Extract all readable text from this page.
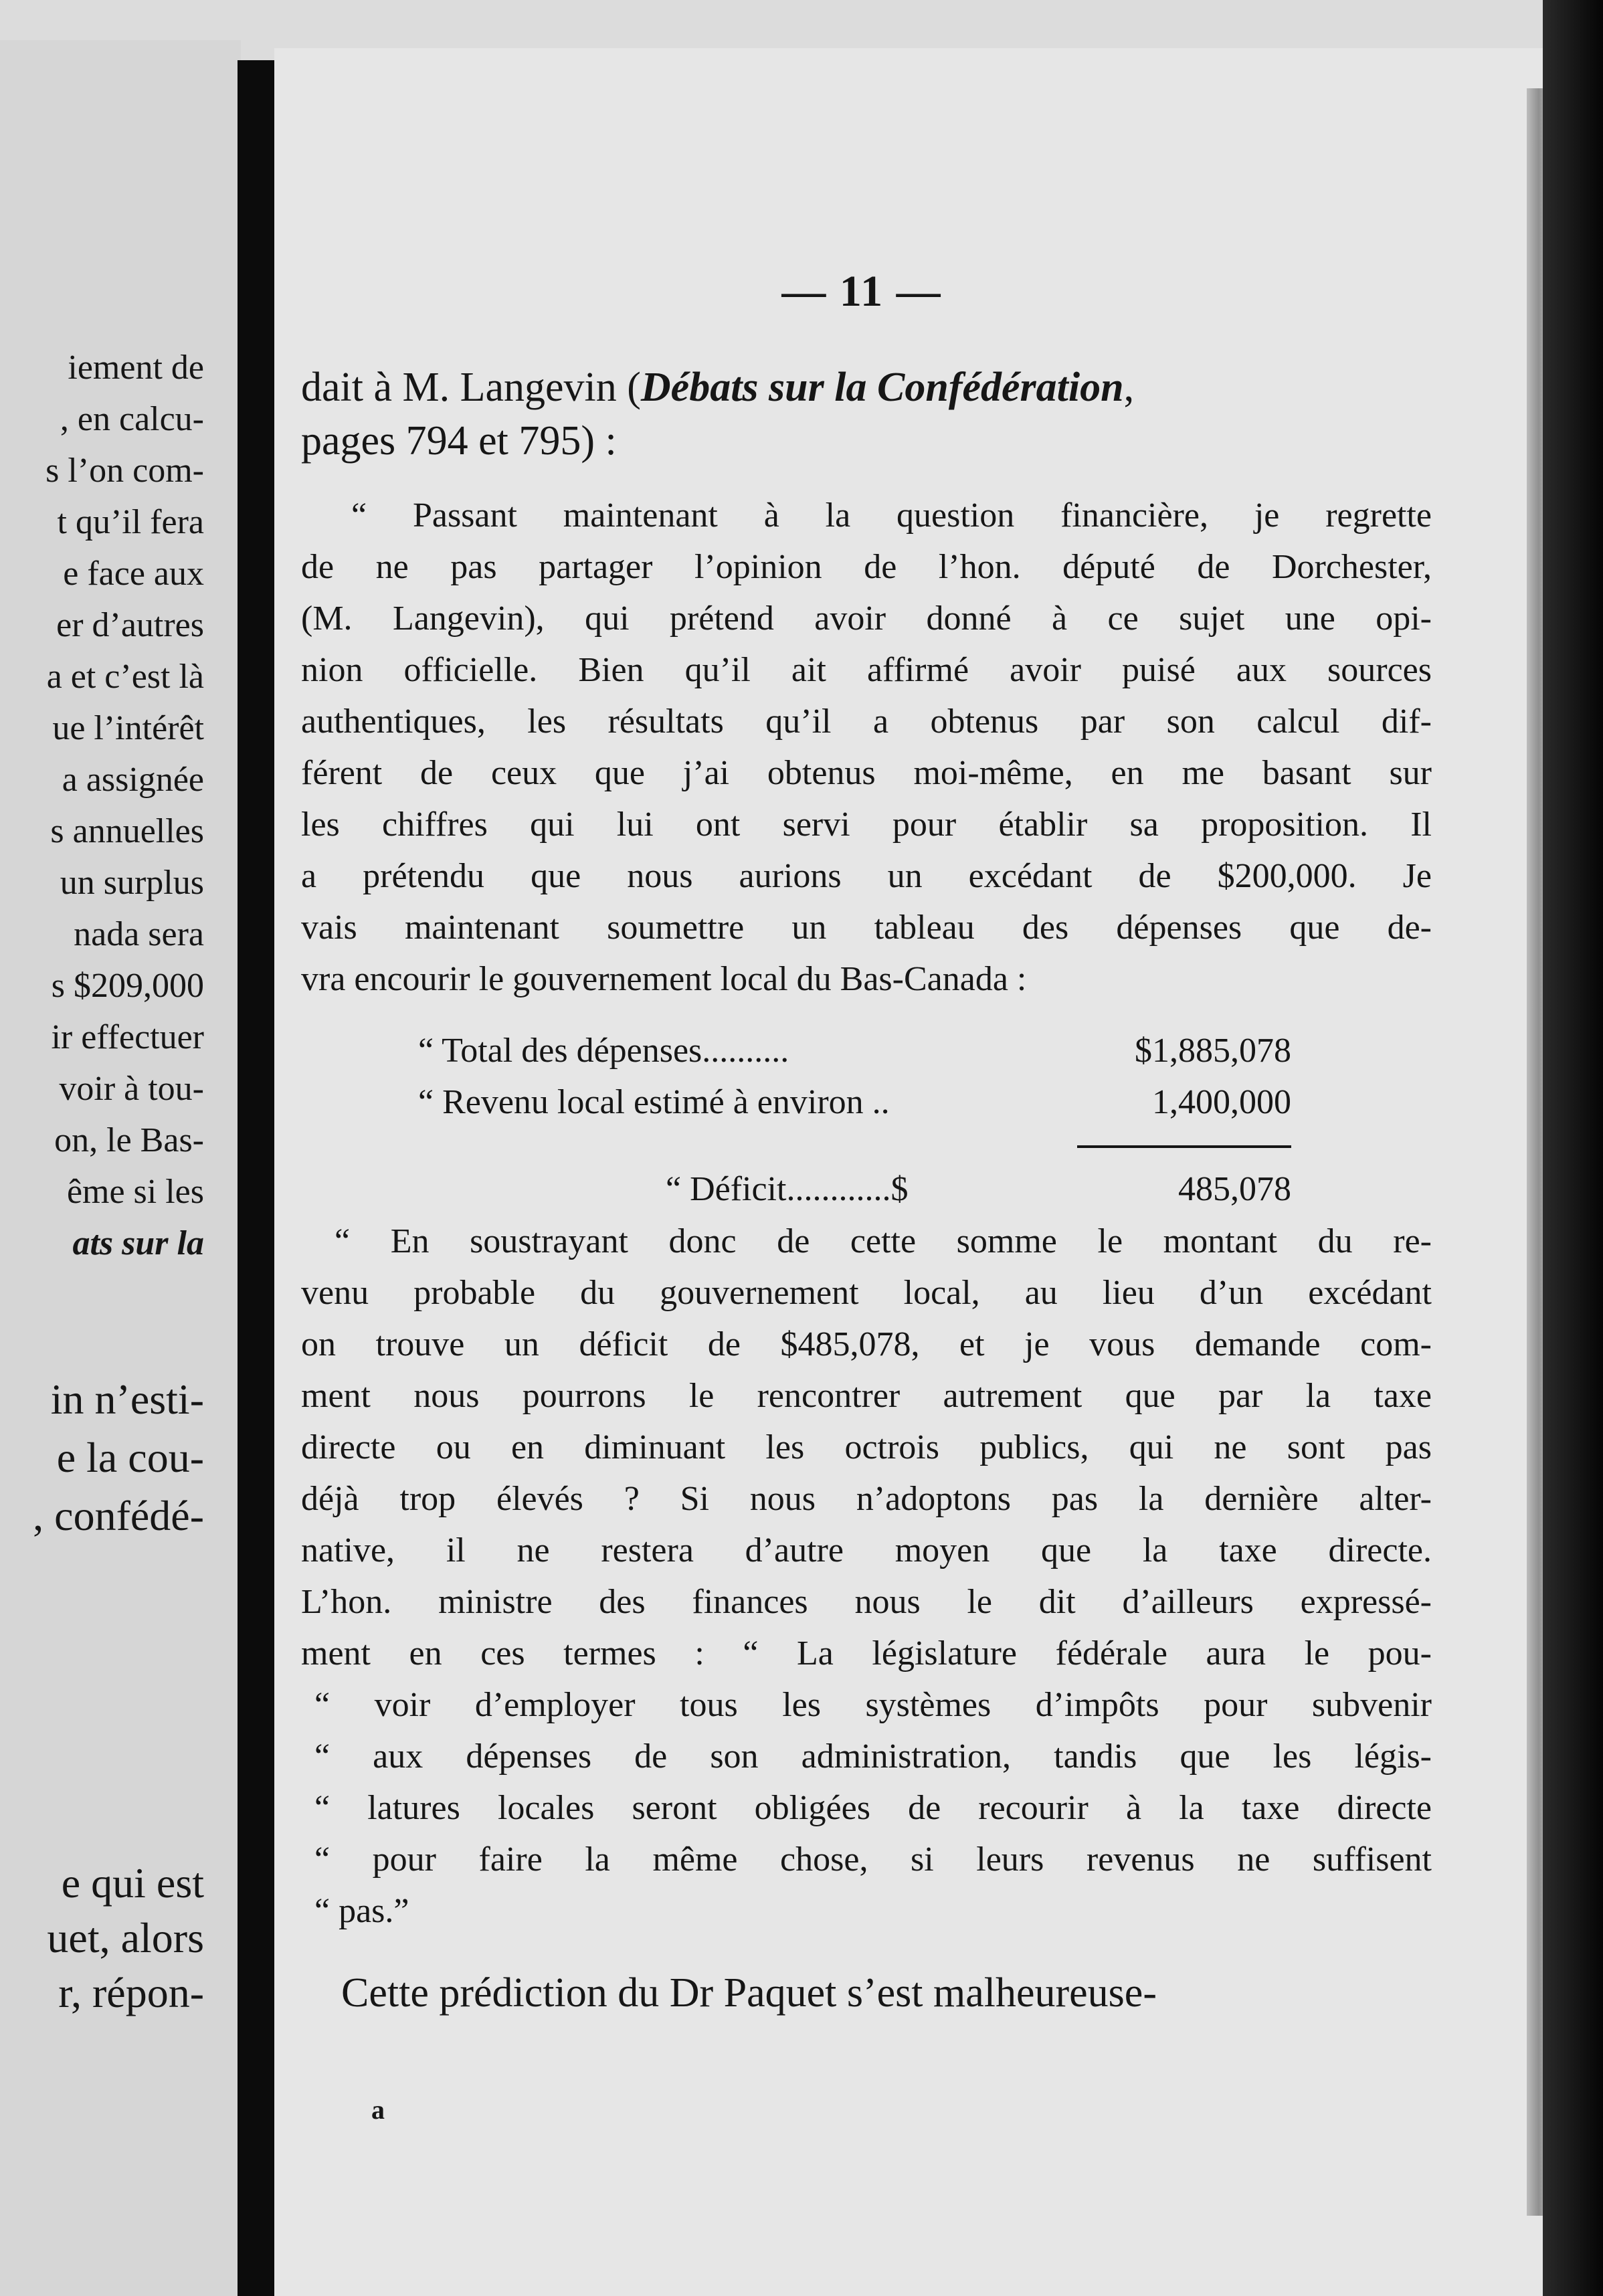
iement de
, en calcu-
s l’on com-
t qu’il fera
e face aux
er d’autres
a et c’est là
ue l’intérêt
a assignée
s annuelles
un surplus
nada sera
s $209,000
ir effectuer
voir à tou-
on, le Bas-
ême si les
ats sur la
in n’esti-
e la cou-
, confédé-
e qui est
uet, alors
r, répon-
— 11 —
dait à M. Langevin (Débats sur la Confédération,
pages 794 et 795) :
“ Passant maintenant à la question financière, je regrette
de ne pas partager l’opinion de l’hon. député de Dorchester,
(M. Langevin), qui prétend avoir donné à ce sujet une opi-
nion officielle. Bien qu’il ait affirmé avoir puisé aux sources
authentiques, les résultats qu’il a obtenus par son calcul dif-
férent de ceux que j’ai obtenus moi-même, en me basant sur
les chiffres qui lui ont servi pour établir sa proposition. Il
a prétendu que nous aurions un excédant de $200,000. Je
vais maintenant soumettre un tableau des dépenses que de-
vra encourir le gouvernement local du Bas-Canada :
“ Total des dépenses..........	$1,885,078
“ Revenu local estimé à environ ..	1,400,000
“ Déficit............$	485,078
“ En soustrayant donc de cette somme le montant du re-
venu probable du gouvernement local, au lieu d’un excédant
on trouve un déficit de $485,078, et je vous demande com-
ment nous pourrons le rencontrer autrement que par la taxe
directe ou en diminuant les octrois publics, qui ne sont pas
déjà trop élevés ? Si nous n’adoptons pas la dernière alter-
native, il ne restera d’autre moyen que la taxe directe.
L’hon. ministre des finances nous le dit d’ailleurs expressé-
ment en ces termes : “ La législature fédérale aura le pou-
“ voir d’employer tous les systèmes d’impôts pour subvenir
“ aux dépenses de son administration, tandis que les légis-
“ latures locales seront obligées de recourir à la taxe directe
“ pour faire la même chose, si leurs revenus ne suffisent
“ pas.”
Cette prédiction du Dr Paquet s’est malheureuse-
a
